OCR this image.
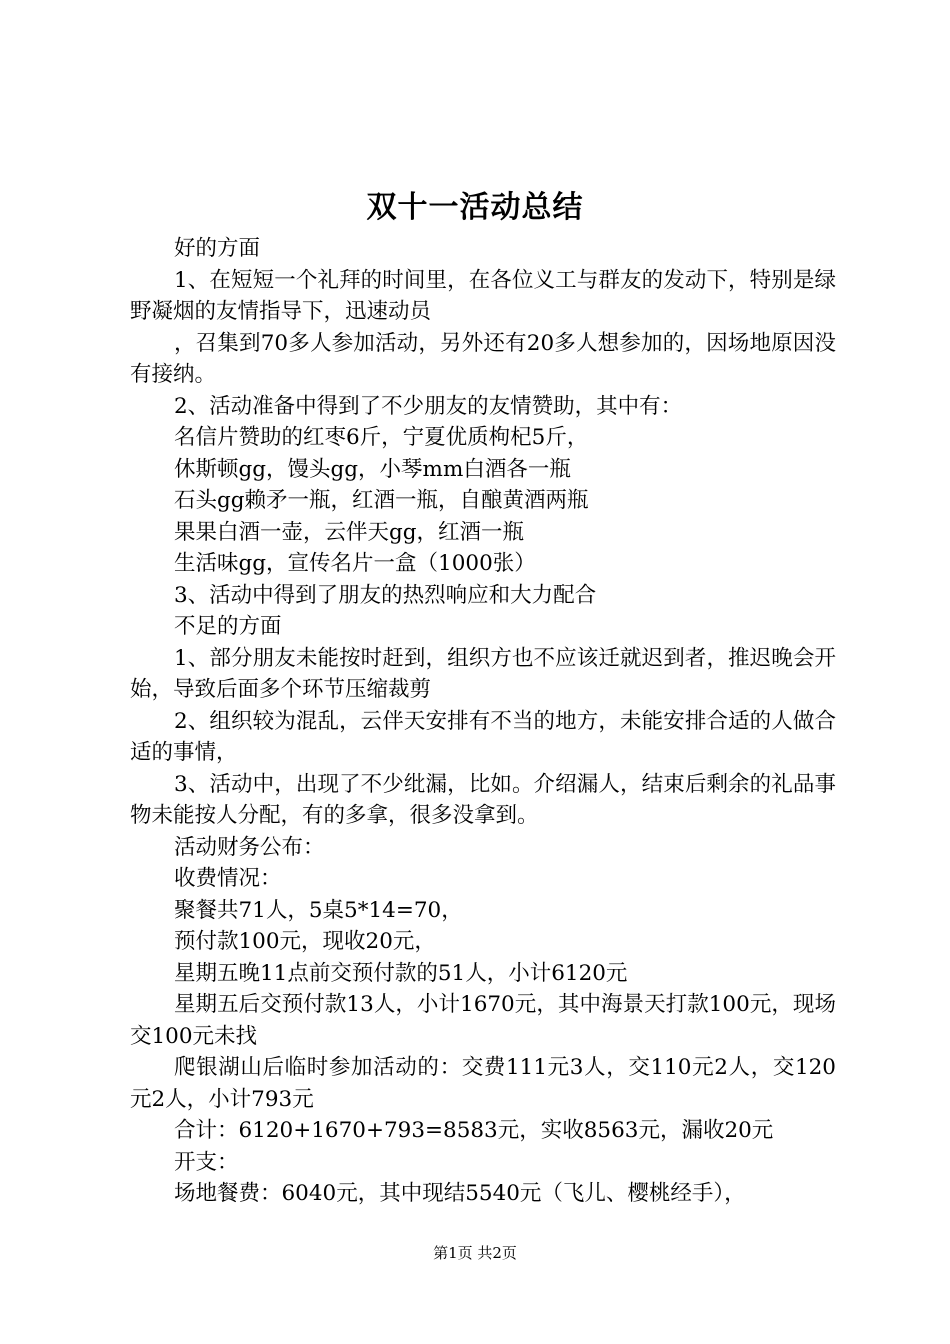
双十一活动总结

好的方面

1、在短短一个礼拜的时间里，在各位义工与群友的发动下，特别是绿野凝烟的友情指导下，迅速动员

，召集到70多人参加活动，另外还有20多人想参加的，因场地原因没有接纳。

2、活动准备中得到了不少朋友的友情赞助，其中有：

名信片赞助的红枣6斤，宁夏优质枸杞5斤，

休斯顿gg，馒头gg，小琴mm白酒各一瓶

石头gg赖矛一瓶，红酒一瓶，自酿黄酒两瓶

果果白酒一壶，云伴天gg，红酒一瓶

生活味gg，宣传名片一盒（1000张）

3、活动中得到了朋友的热烈响应和大力配合

不足的方面

1、部分朋友未能按时赶到，组织方也不应该迁就迟到者，推迟晚会开始，导致后面多个环节压缩裁剪

2、组织较为混乱，云伴天安排有不当的地方，未能安排合适的人做合适的事情，

3、活动中，出现了不少纰漏，比如。介绍漏人，结束后剩余的礼品事物未能按人分配，有的多拿，很多没拿到。

活动财务公布：

收费情况：

聚餐共71人，5桌5*14=70，

预付款100元，现收20元，

星期五晚11点前交预付款的51人，小计6120元

星期五后交预付款13人，小计1670元，其中海景天打款100元，现场交100元未找

爬银湖山后临时参加活动的：交费111元3人，交110元2人，交120元2人，小计793元

合计：6120+1670+793=8583元，实收8563元，漏收20元

开支：

场地餐费：6040元，其中现结5540元（飞儿、樱桃经手），

第1页 共2页
